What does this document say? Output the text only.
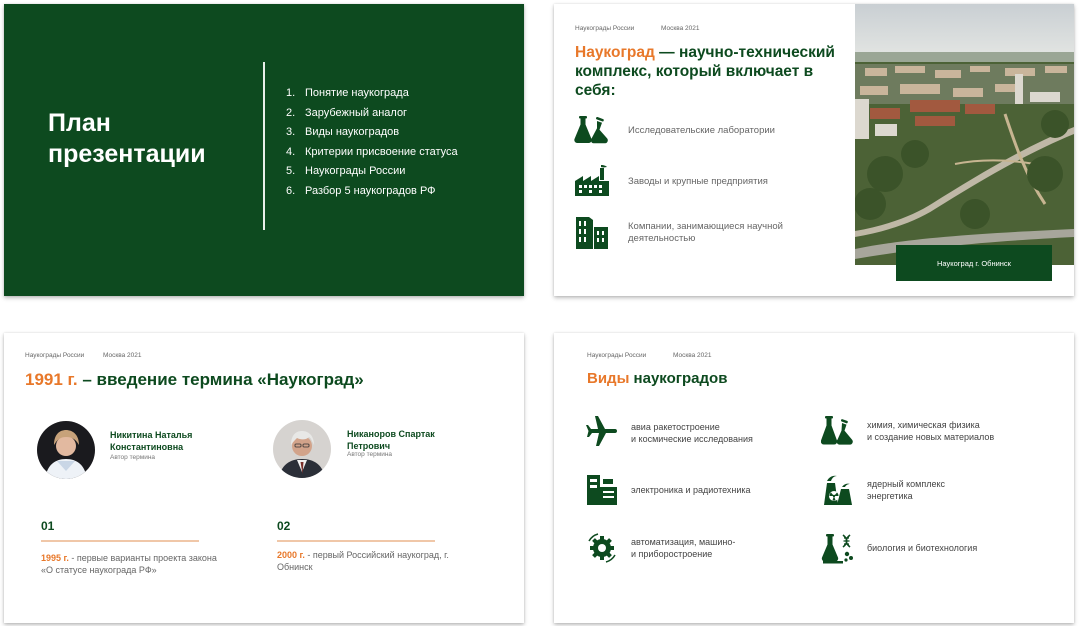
План презентации
1. Понятие наукограда
2. Зарубежный аналог
3. Виды наукоградов
4. Критерии присвоение статуса
5. Наукограды России
6. Разбор 5 наукоградов РФ
Наукограды России	Москва 2021
Наукоград — научно-технический комплекс, который включает в себя:
Исследовательские лаборатории
Заводы и крупные предприятия
Компании, занимающиеся научной деятельностью
Наукоград г. Обнинск
Наукограды России	Москва 2021
1991 г. – введение термина «Наукоград»
Никитина Наталья Константиновна
Автор термина
Никаноров Спартак Петрович
Автор термина
01
1995 г. - первые варианты проекта закона «О статусе наукограда РФ»
02
2000 г. - первый Российский наукоград, г. Обнинск
Наукограды России	Москва 2021
Виды наукоградов
авиа ракетостроение
и космические исследования
химия, химическая физика
и создание новых материалов
электроника и радиотехника
ядерный комплекс
энергетика
автоматизация, машино-
и приборостроение
биология и биотехнология
